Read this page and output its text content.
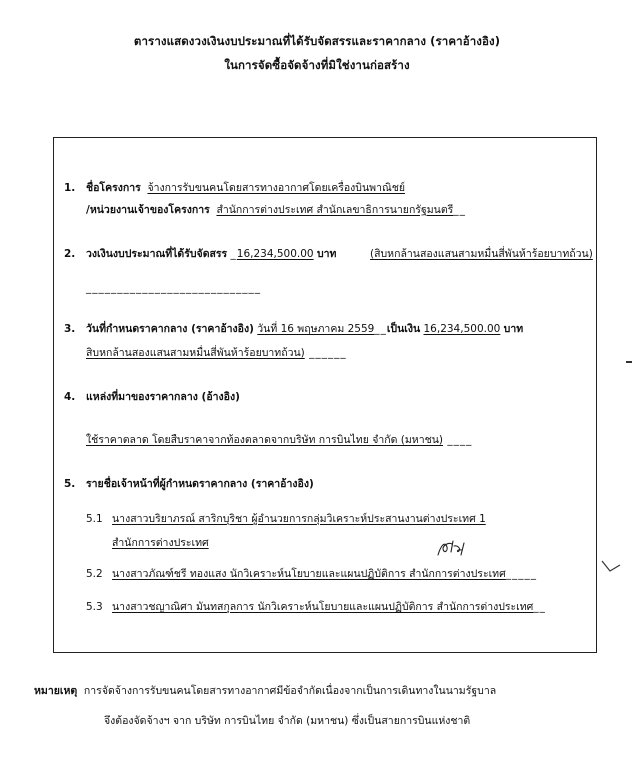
ตารางแสดงวงเงินงบประมาณที่ได้รับจัดสรรและราคากลาง (ราคาอ้างอิง)
ในการจัดซื้อจัดจ้างที่มิใช่งานก่อสร้าง
1. ชื่อโครงการ จ้างการรับขนคนโดยสารทางอากาศโดยเครื่องบินพาณิชย์
/หน่วยงานเจ้าของโครงการ สำนักการต่างประเทศ สำนักเลขาธิการนายกรัฐมนตรี__
2. วงเงินงบประมาณที่ได้รับจัดสรร _16,234,500.00 บาท	(สิบหกล้านสองแสนสามหมื่นสี่พันห้าร้อยบาทถ้วน)
____________________________
3. วันที่กำหนดราคากลาง (ราคาอ้างอิง) วันที่ 16 พฤษภาคม 2559__เป็นเงิน 16,234,500.00 บาท
สิบหกล้านสองแสนสามหมื่นสี่พันห้าร้อยบาทถ้วน) ______
4. แหล่งที่มาของราคากลาง (อ้างอิง)
ใช้ราคาตลาด โดยสืบราคาจากท้องตลาดจากบริษัท การบินไทย จำกัด (มหาชน) ____
5. รายชื่อเจ้าหน้าที่ผู้กำหนดราคากลาง (ราคาอ้างอิง)
5.1 นางสาวบริยาภรณ์ สาริกบุริชา ผู้อำนวยการกลุ่มวิเคราะห์ประสานงานต่างประเทศ 1
สำนักการต่างประเทศ
5.2 นางสาวภัณฑ์ชรี ทองแสง นักวิเคราะห์นโยบายและแผนปฏิบัติการ สำนักการต่างประเทศ_____
5.3 นางสาวชญาณิศา มันทสกุลการ นักวิเคราะห์นโยบายและแผนปฏิบัติการ สำนักการต่างประเทศ__
หมายเหตุ การจัดจ้างการรับขนคนโดยสารทางอากาศมีข้อจำกัดเนื่องจากเป็นการเดินทางในนามรัฐบาล
จึงต้องจัดจ้างฯ จาก บริษัท การบินไทย จำกัด (มหาชน) ซึ่งเป็นสายการบินแห่งชาติ
